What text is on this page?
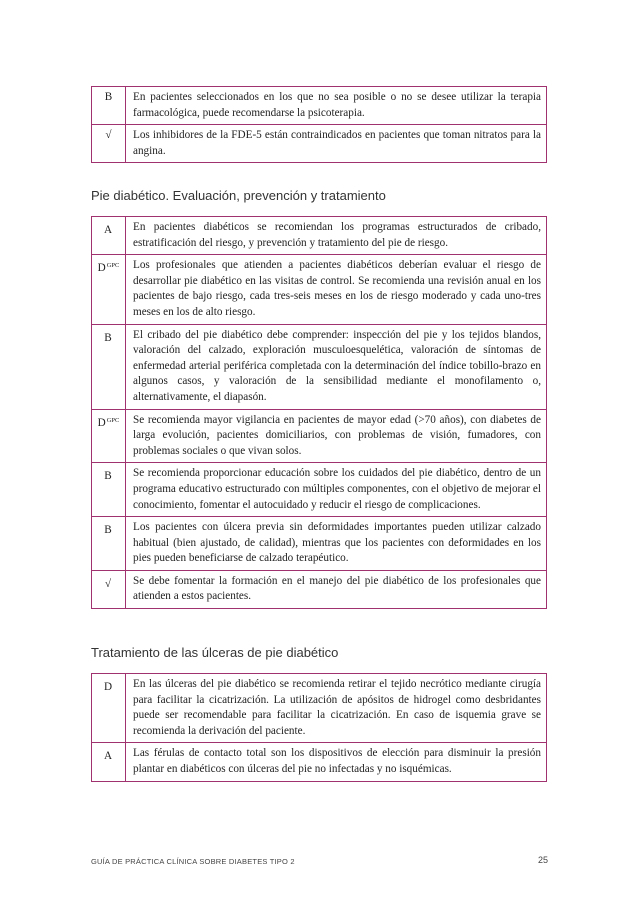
B	En pacientes seleccionados en los que no sea posible o no se desee utilizar la terapia farmacológica, puede recomendarse la psicoterapia.
√	Los inhibidores de la FDE-5 están contraindicados en pacientes que toman nitratos para la angina.
Pie diabético. Evaluación, prevención y tratamiento
A	En pacientes diabéticos se recomiendan los programas estructurados de cribado, estratificación del riesgo, y prevención y tratamiento del pie de riesgo.
$D^{GPC}$	Los profesionales que atienden a pacientes diabéticos deberían evaluar el riesgo de desarrollar pie diabético en las visitas de control. Se recomienda una revisión anual en los pacientes de bajo riesgo, cada tres-seis meses en los de riesgo moderado y cada uno-tres meses en los de alto riesgo.
B	El cribado del pie diabético debe comprender: inspección del pie y los tejidos blandos, valoración del calzado, exploración musculoesquelética, valoración de síntomas de enfermedad arterial periférica completada con la determinación del índice tobillo-brazo en algunos casos, y valoración de la sensibilidad mediante el monofilamento o, alternativamente, el diapasón.
$D^{GPC}$	Se recomienda mayor vigilancia en pacientes de mayor edad (>70 años), con diabetes de larga evolución, pacientes domiciliarios, con problemas de visión, fumadores, con problemas sociales o que vivan solos.
B	Se recomienda proporcionar educación sobre los cuidados del pie diabético, dentro de un programa educativo estructurado con múltiples componentes, con el objetivo de mejorar el conocimiento, fomentar el autocuidado y reducir el riesgo de complicaciones.
B	Los pacientes con úlcera previa sin deformidades importantes pueden utilizar calzado habitual (bien ajustado, de calidad), mientras que los pacientes con deformidades en los pies pueden beneficiarse de calzado terapéutico.
√	Se debe fomentar la formación en el manejo del pie diabético de los profesionales que atienden a estos pacientes.
Tratamiento de las úlceras de pie diabético
D	En las úlceras del pie diabético se recomienda retirar el tejido necrótico mediante cirugía para facilitar la cicatrización. La utilización de apósitos de hidrogel como desbridantes puede ser recomendable para facilitar la cicatrización. En caso de isquemia grave se recomienda la derivación del paciente.
A	Las férulas de contacto total son los dispositivos de elección para disminuir la presión plantar en diabéticos con úlceras del pie no infectadas y no isquémicas.
GUÍA DE PRÁCTICA CLÍNICA SOBRE DIABETES TIPO 2	25
